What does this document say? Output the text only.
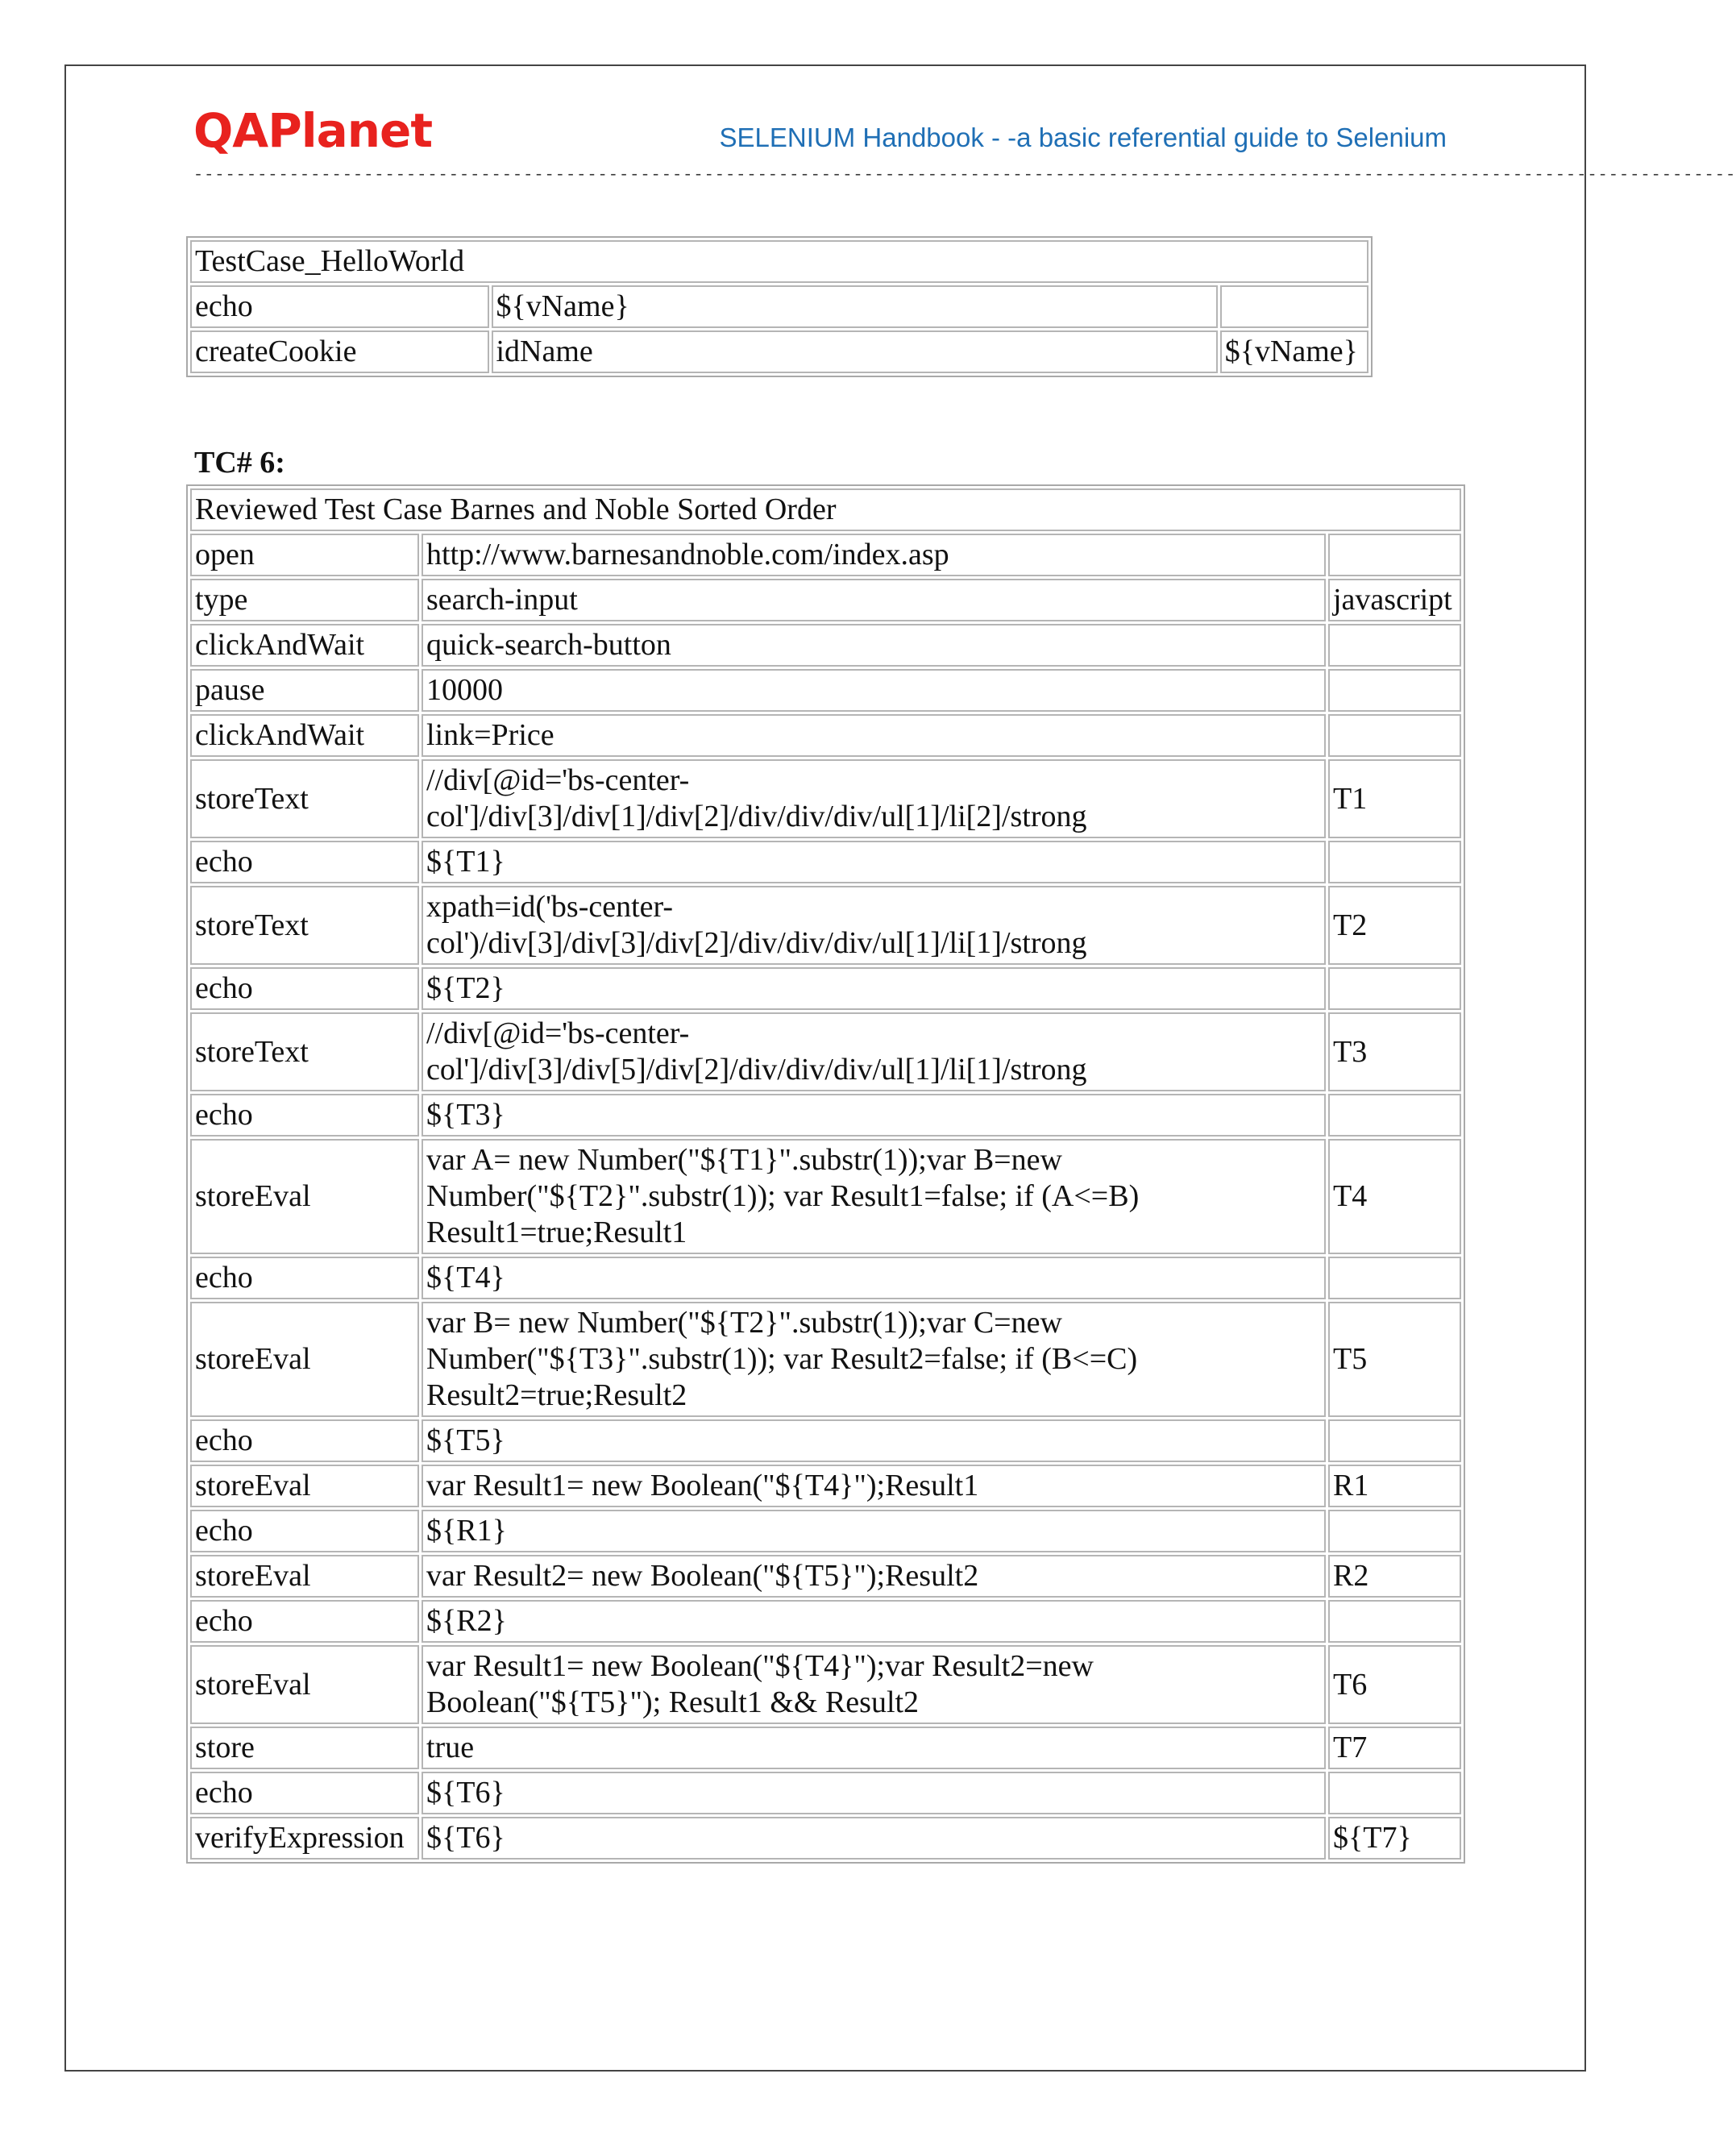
QAPlanet	SELENIUM Handbook - -a basic referential guide to Selenium
-------------------------------------------------------------------------------------------------------------------------------------------------
TestCase_HelloWorld		
echo	${vName}	
createCookie	idName	${vName}
TC# 6:
Reviewed Test Case Barnes and Noble Sorted Order		
open	http://www.barnesandnoble.com/index.asp	
type	search-input	javascript
clickAndWait	quick-search-button	
pause	10000	
clickAndWait	link=Price	
storeText	//div[@id='bs-center-col']/div[3]/div[1]/div[2]/div/div/div/ul[1]/li[2]/strong	T1
echo	${T1}	
storeText	xpath=id('bs-center-col')/div[3]/div[3]/div[2]/div/div/div/ul[1]/li[1]/strong	T2
echo	${T2}	
storeText	//div[@id='bs-center-col']/div[3]/div[5]/div[2]/div/div/div/ul[1]/li[1]/strong	T3
echo	${T3}	
storeEval	var A= new Number("${T1}".substr(1));var B=new Number("${T2}".substr(1)); var Result1=false; if (A<=B) Result1=true;Result1	T4
echo	${T4}	
storeEval	var B= new Number("${T2}".substr(1));var C=new Number("${T3}".substr(1)); var Result2=false; if (B<=C) Result2=true;Result2	T5
echo	${T5}	
storeEval	var Result1= new Boolean("${T4}");Result1	R1
echo	${R1}	
storeEval	var Result2= new Boolean("${T5}");Result2	R2
echo	${R2}	
storeEval	var Result1= new Boolean("${T4}");var Result2=new Boolean("${T5}"); Result1 && Result2	T6
store	true	T7
echo	${T6}	
verifyExpression	${T6}	${T7}
